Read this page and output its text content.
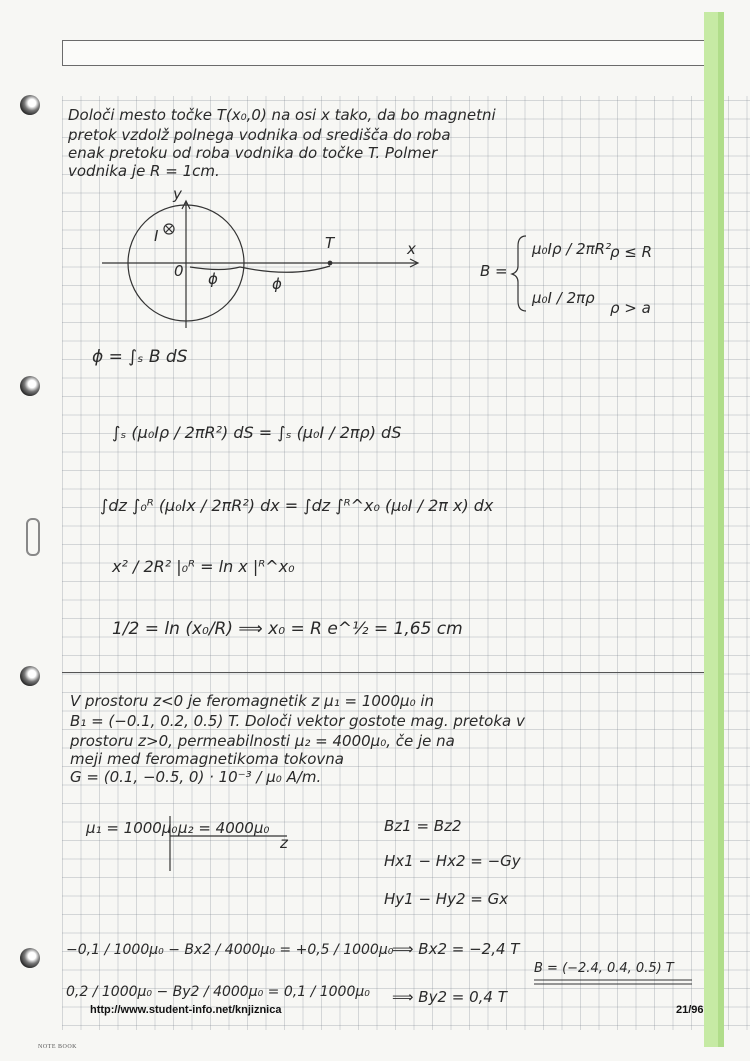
Določi mesto točke T(x₀,0) na osi x tako, da bo magnetni
pretok vzdolž polnega vodnika od središča do roba
enak pretoku od roba vodnika do točke T. Polmer
vodnika je R = 1cm.
y
x
I
0
T
ϕ	ϕ
B =
μ₀Iρ / 2πR²
ρ ≤ R
μ₀I / 2πρ
ρ > a
ϕ = ∫ₛ B dS
∫ₛ (μ₀Iρ / 2πR²) dS = ∫ₛ (μ₀I / 2πρ) dS
∫dz ∫₀ᴿ (μ₀Ix / 2πR²) dx = ∫dz ∫ᴿ^x₀ (μ₀I / 2π x) dx
x² / 2R² |₀ᴿ = ln x |ᴿ^x₀
1/2 = ln (x₀/R) ⟹ x₀ = R e^½ = 1,65 cm
V prostoru z<0 je feromagnetik z μ₁ = 1000μ₀ in
B₁ = (−0.1, 0.2, 0.5) T. Določi vektor gostote mag. pretoka v
prostoru z>0, permeabilnosti μ₂ = 4000μ₀, če je na
meji med feromagnetikoma tokovna
G = (0.1, −0.5, 0) · 10⁻³ / μ₀ A/m.
μ₁ = 1000μ₀ μ₂ = 4000μ₀
z
Bz1 = Bz2
Hx1 − Hx2 = −Gy
Hy1 − Hy2 = Gx
−0,1 / 1000μ₀ − Bx2 / 4000μ₀ = +0,5 / 1000μ₀
⟹ Bx2 = −2,4 T
0,2 / 1000μ₀ − By2 / 4000μ₀ = 0,1 / 1000μ₀ ⟹ By2 = 0,4 T
B = (−2.4, 0.4, 0.5) T
http://www.student-info.net/knjiznica	21/96
NOTE BOOK
